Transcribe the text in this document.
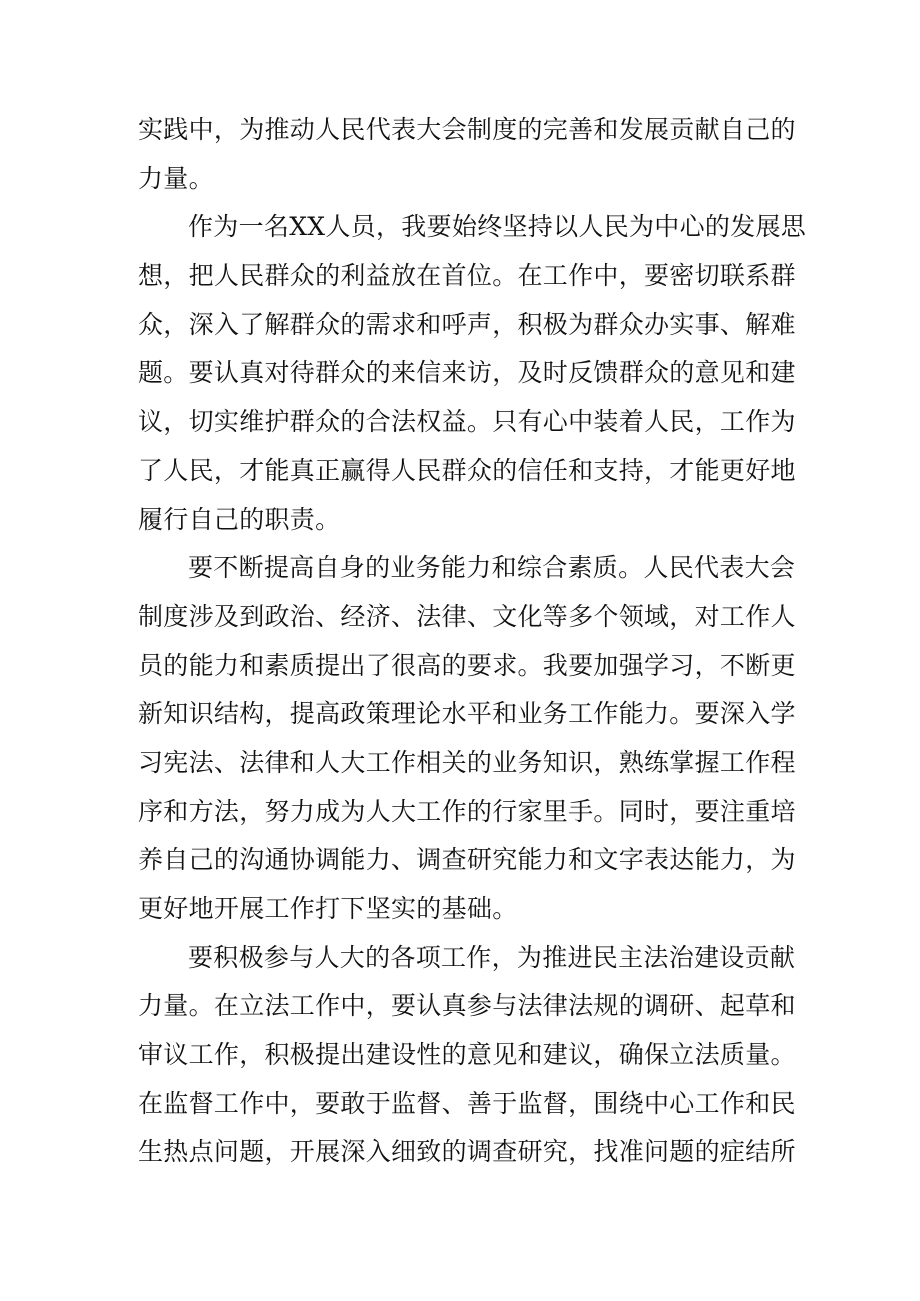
实践中，为推动人民代表大会制度的完善和发展贡献自己的
力量。
作为一名XX人员，我要始终坚持以人民为中心的发展思
想，把人民群众的利益放在首位。在工作中，要密切联系群
众，深入了解群众的需求和呼声，积极为群众办实事、解难
题。要认真对待群众的来信来访，及时反馈群众的意见和建
议，切实维护群众的合法权益。只有心中装着人民，工作为
了人民，才能真正赢得人民群众的信任和支持，才能更好地
履行自己的职责。
要不断提高自身的业务能力和综合素质。人民代表大会
制度涉及到政治、经济、法律、文化等多个领域，对工作人
员的能力和素质提出了很高的要求。我要加强学习，不断更
新知识结构，提高政策理论水平和业务工作能力。要深入学
习宪法、法律和人大工作相关的业务知识，熟练掌握工作程
序和方法，努力成为人大工作的行家里手。同时，要注重培
养自己的沟通协调能力、调查研究能力和文字表达能力，为
更好地开展工作打下坚实的基础。
要积极参与人大的各项工作，为推进民主法治建设贡献
力量。在立法工作中，要认真参与法律法规的调研、起草和
审议工作，积极提出建设性的意见和建议，确保立法质量。
在监督工作中，要敢于监督、善于监督，围绕中心工作和民
生热点问题，开展深入细致的调查研究，找准问题的症结所
